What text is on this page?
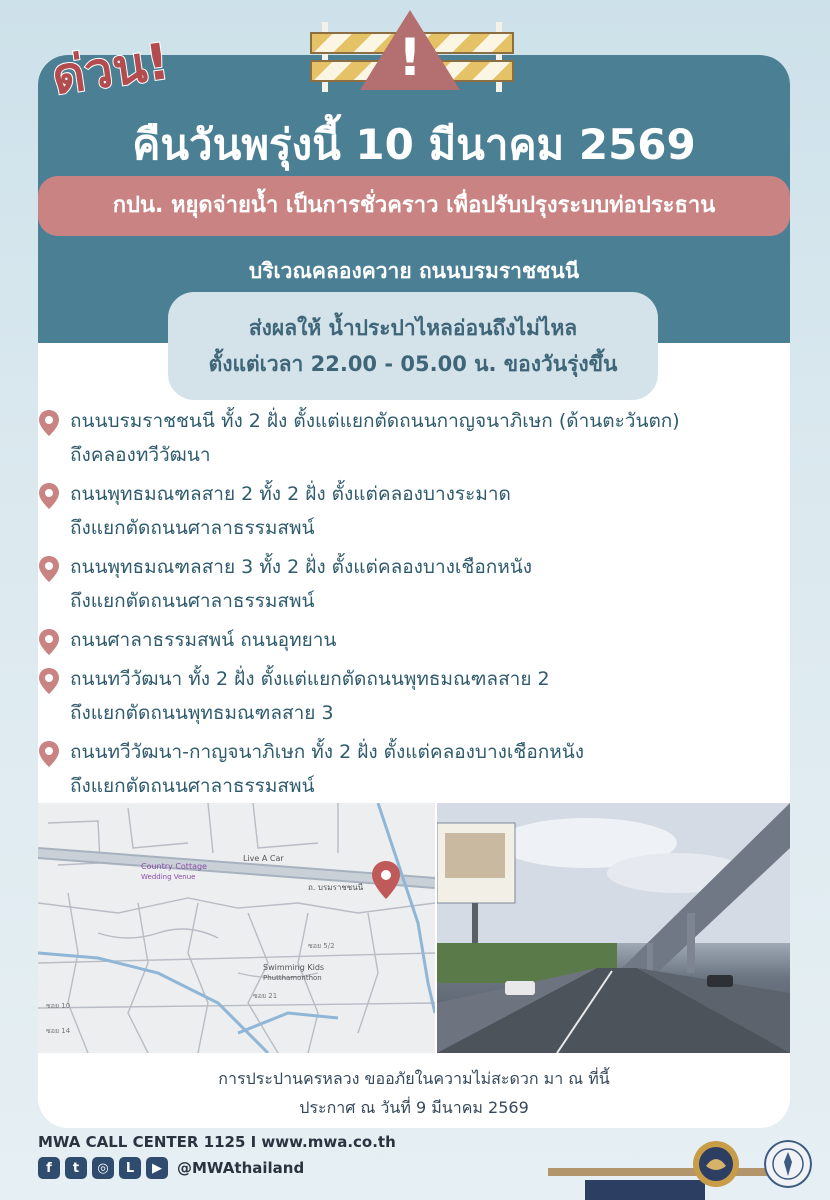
!
ด่วน!
คืนวันพรุ่งนี้ 10 มีนาคม 2569
กปน. หยุดจ่ายน้ำ เป็นการชั่วคราว เพื่อปรับปรุงระบบท่อประธาน
บริเวณคลองควาย ถนนบรมราชชนนี
ส่งผลให้ น้ำประปาไหลอ่อนถึงไม่ไหล
ตั้งแต่เวลา 22.00 - 05.00 น. ของวันรุ่งขึ้น
ถนนบรมราชชนนี ทั้ง 2 ฝั่ง ตั้งแต่แยกตัดถนนกาญจนาภิเษก (ด้านตะวันตก)
ถึงคลองทวีวัฒนา
ถนนพุทธมณฑลสาย 2 ทั้ง 2 ฝั่ง ตั้งแต่คลองบางระมาด
ถึงแยกตัดถนนศาลาธรรมสพน์
ถนนพุทธมณฑลสาย 3 ทั้ง 2 ฝั่ง ตั้งแต่คลองบางเชือกหนัง
ถึงแยกตัดถนนศาลาธรรมสพน์
ถนนศาลาธรรมสพน์ ถนนอุทยาน
ถนนทวีวัฒนา ทั้ง 2 ฝั่ง ตั้งแต่แยกตัดถนนพุทธมณฑลสาย 2
ถึงแยกตัดถนนพุทธมณฑลสาย 3
ถนนทวีวัฒนา-กาญจนาภิเษก ทั้ง 2 ฝั่ง ตั้งแต่คลองบางเชือกหนัง
ถึงแยกตัดถนนศาลาธรรมสพน์
ถ. บรมราชชนนี
Live A Car
Country Cottage
Wedding Venue
Swimming Kids
Phutthamonthon
ซอย 10
ซอย 14
ซอย 21
ซอย 5/2
การประปานครหลวง ขออภัยในความไม่สะดวก มา ณ ที่นี้
ประกาศ ณ วันที่ 9 มีนาคม 2569
MWA CALL CENTER 1125 I www.mwa.co.th
f	t	◎	L	▶	@MWAthailand
